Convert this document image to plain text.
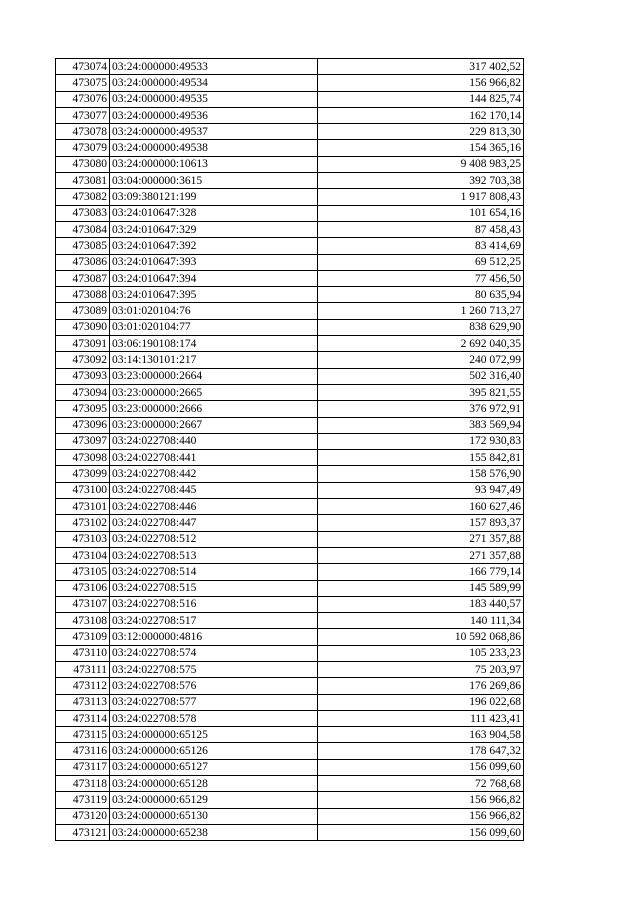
473074	03:24:000000:49533	317 402,52
473075	03:24:000000:49534	156 966,82
473076	03:24:000000:49535	144 825,74
473077	03:24:000000:49536	162 170,14
473078	03:24:000000:49537	229 813,30
473079	03:24:000000:49538	154 365,16
473080	03:24:000000:10613	9 408 983,25
473081	03:04:000000:3615	392 703,38
473082	03:09:380121:199	1 917 808,43
473083	03:24:010647:328	101 654,16
473084	03:24:010647:329	87 458,43
473085	03:24:010647:392	83 414,69
473086	03:24:010647:393	69 512,25
473087	03:24:010647:394	77 456,50
473088	03:24:010647:395	80 635,94
473089	03:01:020104:76	1 260 713,27
473090	03:01:020104:77	838 629,90
473091	03:06:190108:174	2 692 040,35
473092	03:14:130101:217	240 072,99
473093	03:23:000000:2664	502 316,40
473094	03:23:000000:2665	395 821,55
473095	03:23:000000:2666	376 972,91
473096	03:23:000000:2667	383 569,94
473097	03:24:022708:440	172 930,83
473098	03:24:022708:441	155 842,81
473099	03:24:022708:442	158 576,90
473100	03:24:022708:445	93 947,49
473101	03:24:022708:446	160 627,46
473102	03:24:022708:447	157 893,37
473103	03:24:022708:512	271 357,88
473104	03:24:022708:513	271 357,88
473105	03:24:022708:514	166 779,14
473106	03:24:022708:515	145 589,99
473107	03:24:022708:516	183 440,57
473108	03:24:022708:517	140 111,34
473109	03:12:000000:4816	10 592 068,86
473110	03:24:022708:574	105 233,23
473111	03:24:022708:575	75 203,97
473112	03:24:022708:576	176 269,86
473113	03:24:022708:577	196 022,68
473114	03:24:022708:578	111 423,41
473115	03:24:000000:65125	163 904,58
473116	03:24:000000:65126	178 647,32
473117	03:24:000000:65127	156 099,60
473118	03:24:000000:65128	72 768,68
473119	03:24:000000:65129	156 966,82
473120	03:24:000000:65130	156 966,82
473121	03:24:000000:65238	156 099,60
